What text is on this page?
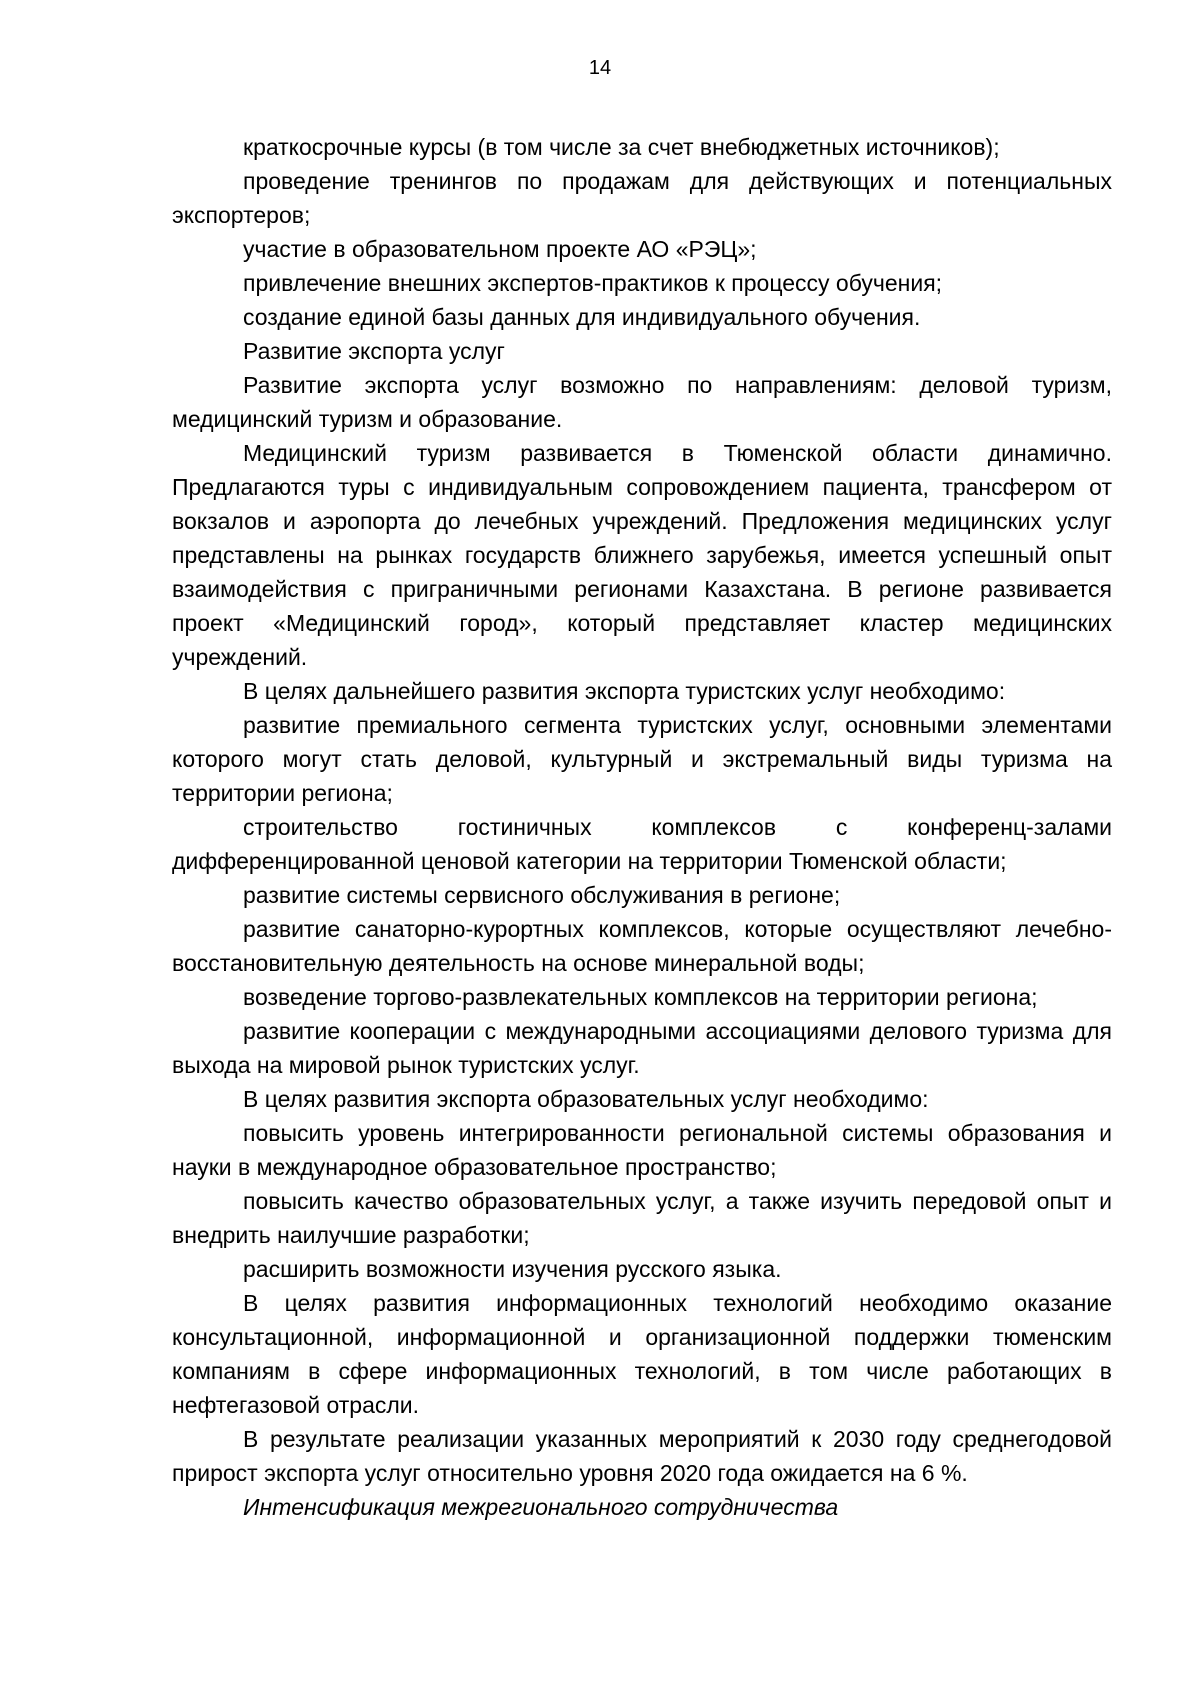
14

краткосрочные курсы (в том числе за счет внебюджетных источников);

проведение тренингов по продажам для действующих и потенциальных экспортеров;

участие в образовательном проекте АО «РЭЦ»;

привлечение внешних экспертов-практиков к процессу обучения;

создание единой базы данных для индивидуального обучения.

Развитие экспорта услуг

Развитие экспорта услуг возможно по направлениям: деловой туризм, медицинский туризм и образование.

Медицинский туризм развивается в Тюменской области динамично. Предлагаются туры с индивидуальным сопровождением пациента, трансфером от вокзалов и аэропорта до лечебных учреждений. Предложения медицинских услуг представлены на рынках государств ближнего зарубежья, имеется успешный опыт взаимодействия с приграничными регионами Казахстана. В регионе развивается проект «Медицинский город», который представляет кластер медицинских учреждений.

В целях дальнейшего развития экспорта туристских услуг необходимо:

развитие премиального сегмента туристских услуг, основными элементами которого могут стать деловой, культурный и экстремальный виды туризма на территории региона;

строительство гостиничных комплексов с конференц-залами дифференцированной ценовой категории на территории Тюменской области;

развитие системы сервисного обслуживания в регионе;

развитие санаторно-курортных комплексов, которые осуществляют лечебно-восстановительную деятельность на основе минеральной воды;

возведение торгово-развлекательных комплексов на территории региона;

развитие кооперации с международными ассоциациями делового туризма для выхода на мировой рынок туристских услуг.

В целях развития экспорта образовательных услуг необходимо:

повысить уровень интегрированности региональной системы образования и науки в международное образовательное пространство;

повысить качество образовательных услуг, а также изучить передовой опыт и внедрить наилучшие разработки;

расширить возможности изучения русского языка.

В целях развития информационных технологий необходимо оказание консультационной, информационной и организационной поддержки тюменским компаниям в сфере информационных технологий, в том числе работающих в нефтегазовой отрасли.

В результате реализации указанных мероприятий к 2030 году среднегодовой прирост экспорта услуг относительно уровня 2020 года ожидается на 6 %.

Интенсификация межрегионального сотрудничества
